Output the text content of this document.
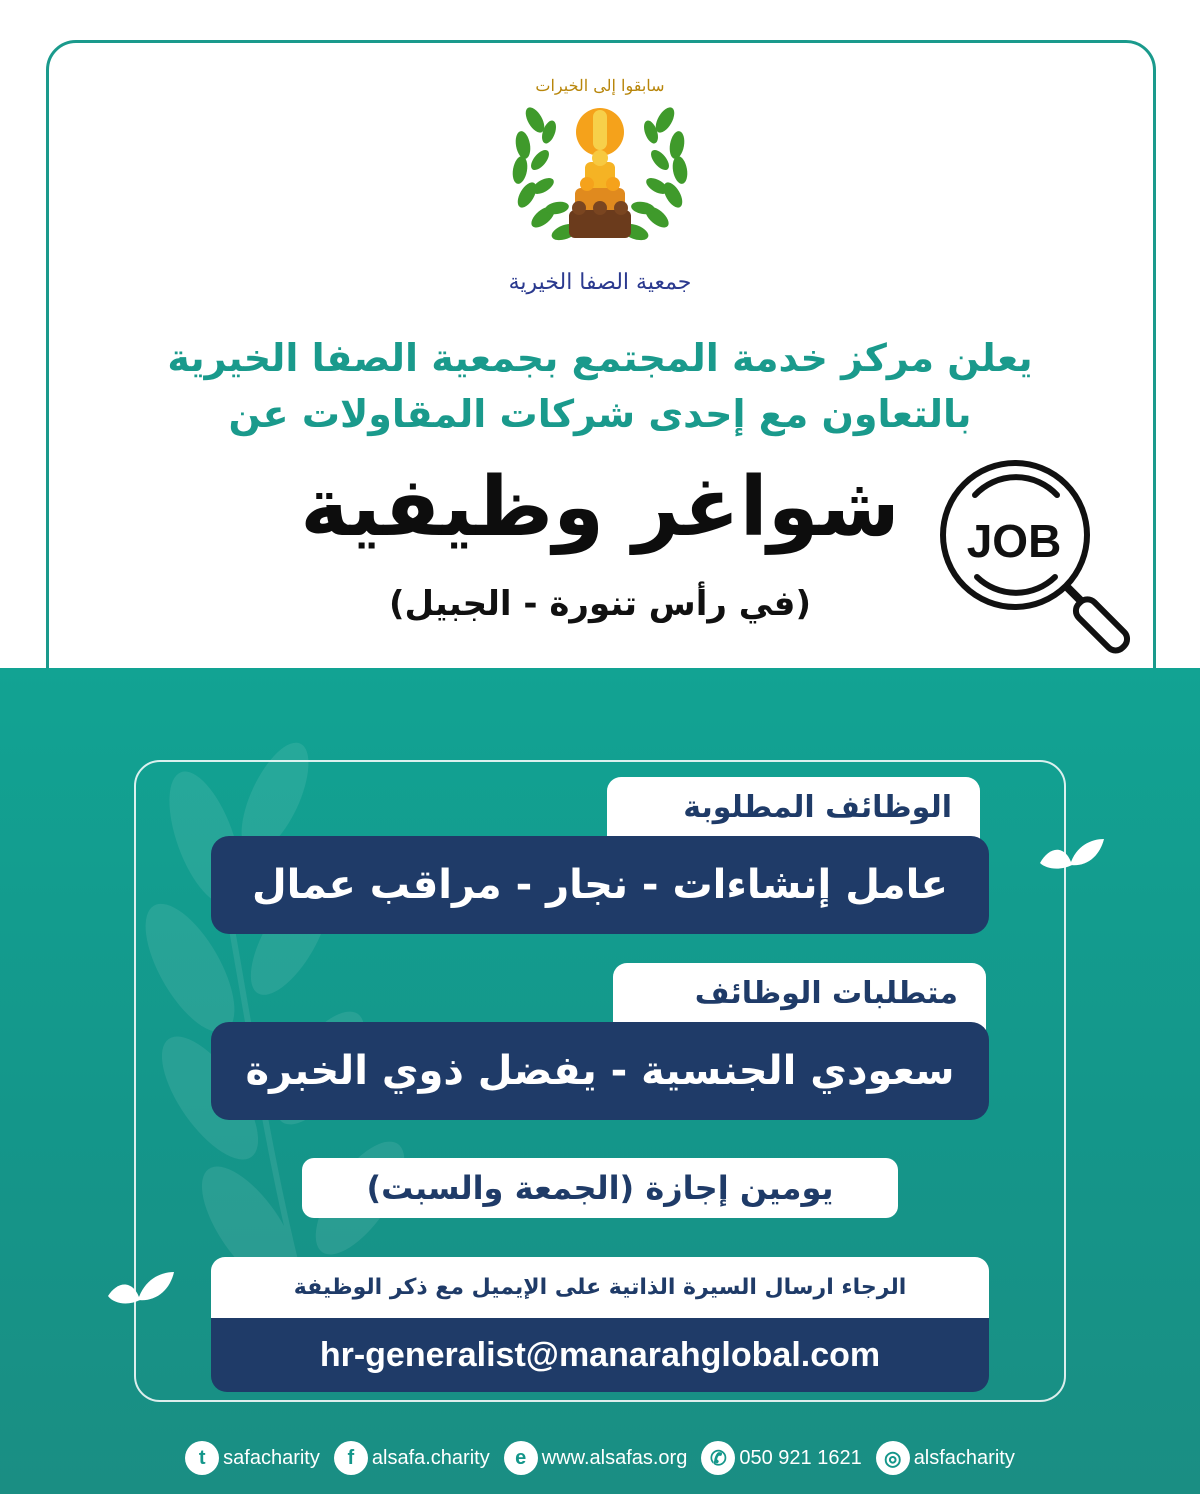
سابقوا إلى الخيرات
جمعية الصفا الخيرية
يعلن مركز خدمة المجتمع بجمعية الصفا الخيرية
بالتعاون مع إحدى شركات المقاولات عن
شواغر وظيفية
(في رأس تنورة - الجبيل)
JOB
الوظائف المطلوبة
عامل إنشاءات - نجار - مراقب عمال
متطلبات الوظائف
سعودي الجنسية - يفضل ذوي الخبرة
يومين إجازة (الجمعة والسبت)
الرجاء ارسال السيرة الذاتية على الإيميل مع ذكر الوظيفة
hr-generalist@manarahglobal.com
t safacharity	f alsafa.charity	e www.alsafas.org	✆ 050 921 1621	◎ alsfacharity
